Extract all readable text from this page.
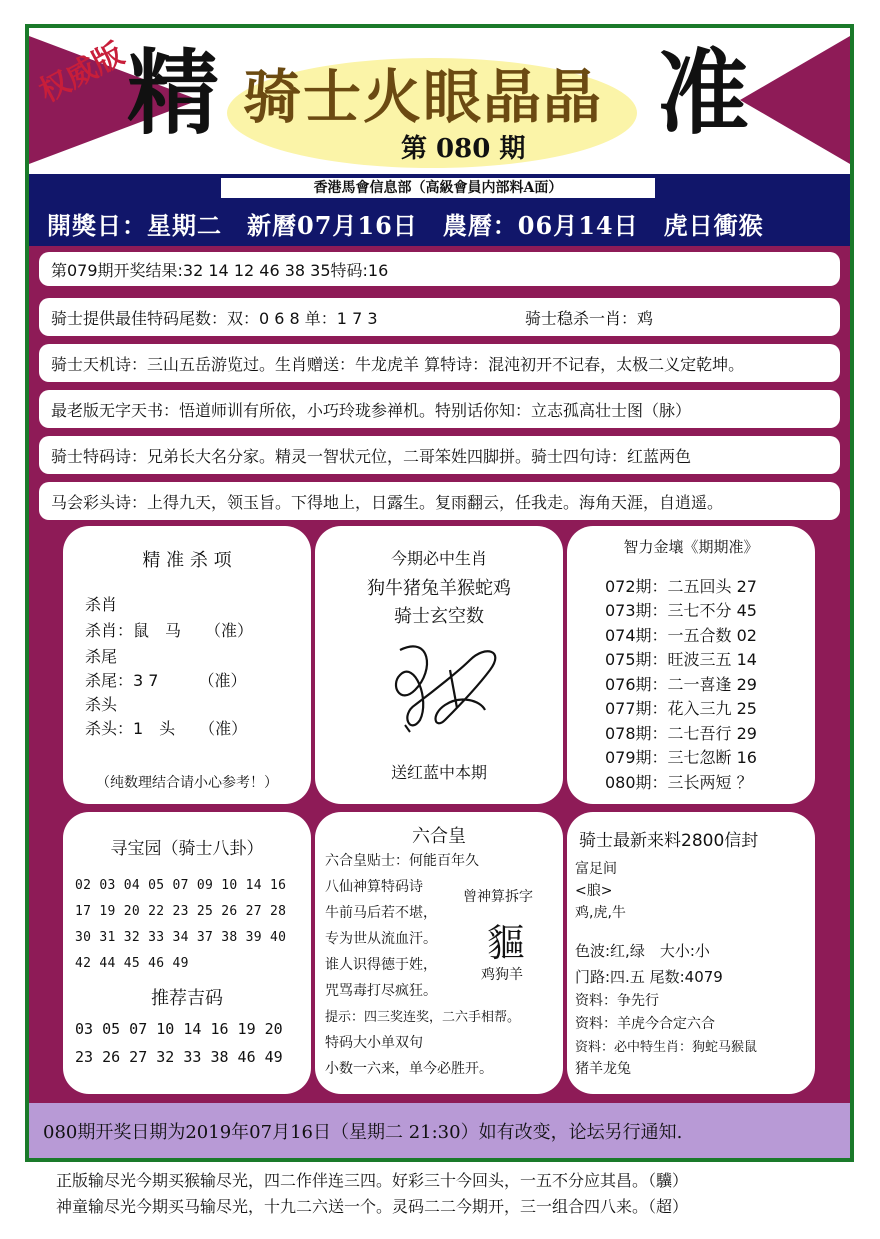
权威版
精 骑士火眼晶晶
第 080 期
准
香港馬會信息部（高級會員内部料A面）
開獎日：星期二　新曆07月16日　農曆：06月14日　虎日衝猴
第079期开奖结果:32 14 12 46 38 35特码:16
骑士提供最佳特码尾数：双：0 6 8 单：1 7 3	骑士稳杀一肖：鸡
骑士天机诗：三山五岳游览过。生肖赠送：牛龙虎羊 算特诗：混沌初开不记春，太极二义定乾坤。
最老版无字天书：悟道师训有所依，小巧玲珑参禅机。特别话你知：立志孤高壮士图（脉）
骑士特码诗：兄弟长大名分家。精灵一智状元位，二哥笨姓四脚拼。骑士四句诗：红蓝两色
马会彩头诗：上得九天，领玉旨。下得地上，日露生。复雨翻云，任我走。海角天涯，自逍遥。
精 准 杀 项
杀肖
杀肖：鼠　马　　（准）
杀尾
杀尾：3 7　　　（准）
杀头
杀头：1　头　　（准）
（纯数理结合请小心参考！）
今期必中生肖
狗牛猪兔羊猴蛇鸡
骑士玄空数
送红蓝中本期
智力金壤《期期准》
072期：二五回头 27
073期：三七不分 45
074期：一五合数 02
075期：旺波三五 14
076期：二一喜逢 29
077期：花入三九 25
078期：二七吾行 29
079期：三七忽断 16
080期：三长两短 ？
寻宝园（骑士八卦）
02 03 04 05 07 09 10 14 16
17 19 20 22 23 25 26 27 28
30 31 32 33 34 37 38 39 40
42 44 45 46 49
推荐吉码
03 05 07 10 14 16 19 20
23 26 27 32 33 38 46 49
六合皇
六合皇贴士：何能百年久
八仙神算特码诗
牛前马后若不堪，
专为世从流血汗。
谁人识得德于姓，
咒骂毒打尽疯狂。
提示：四三奖连奖，二六手相帮。
特码大小单双句
小数一六来，单今必胜开。
曾神算拆字
貙
鸡狗羊
骑士最新来料2800信封
富足间
<朖>
鸡,虎,牛
色波:红,绿　大小:小
门路:四.五 尾数:4079
资料：争先行
资料：羊虎今合定六合
资料：必中特生肖：狗蛇马猴鼠
猪羊龙兔
080期开奖日期为2019年07月16日（星期二 21:30）如有改变，论坛另行通知.
正版输尽光今期买猴输尽光，四二作伴连三四。好彩三十今回头，一五不分应其昌。（驥）
神童输尽光今期买马输尽光，十九二六送一个。灵码二二今期开，三一组合四八来。（超）
